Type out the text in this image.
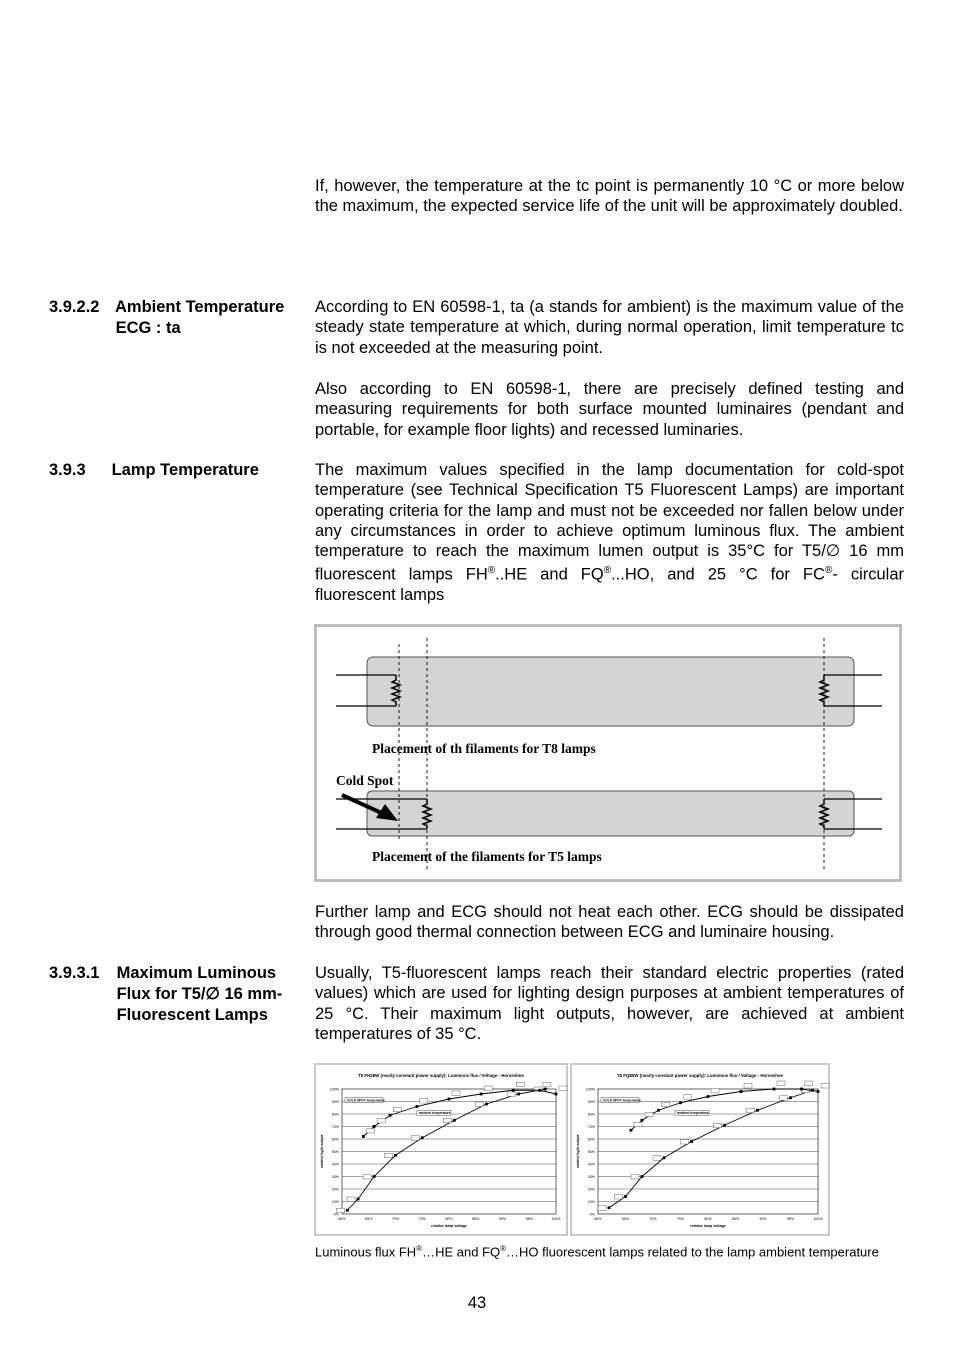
If, however, the temperature at the tc point is permanently 10 °C or more below the maximum, the expected service life of the unit will be approximately doubled.

3.9.2.2 Ambient Temperature
ECG : ta

According to EN 60598-1, ta (a stands for ambient) is the maximum value of the steady state temperature at which, during normal operation, limit temperature tc is not exceeded at the measuring point.

Also according to EN 60598-1, there are precisely defined testing and measuring requirements for both surface mounted luminaires (pendant and portable, for example floor lights) and recessed luminaries.

3.9.3 Lamp Temperature	The maximum values specified in the lamp documentation for cold-spot temperature (see Technical Specification T5 Fluorescent Lamps) are important operating criteria for the lamp and must not be exceeded nor fallen below under any circumstances in order to achieve optimum luminous flux. The ambient temperature to reach the maximum lumen output is 35°C for T5/∅ 16 mm fluorescent lamps FH®..HE and FQ®...HO, and 25 °C for FC®- circular fluorescent lamps

Placement of th filaments for T8 lamps
Cold Spot
Placement of the filaments for T5 lamps

Further lamp and ECG should not heat each other. ECG should be dissipated through good thermal connection between ECG and luminaire housing.

3.9.3.1 Maximum Luminous
Flux for T5/∅ 16 mm-
Fluorescent Lamps

Usually, T5-fluorescent lamps reach their standard electric properties (rated values) which are used for lighting design purposes at ambient temperatures of 25 °C. Their maximum light outputs, however, are achieved at ambient temperatures of 35 °C.

T5 FH28W (nearly constant power supply): Luminous flux / Voltage - Horseshoe
0%
10%
20%
30%
40%
50%
60%
70%
80%
90%
100%
60%	65%	70%	75%	80%	85%	90%	95%	100%
relative lamp voltage
relative light output
COLD SPOT temperature
ambient temperature
T5 FQ80W (nearly constant power supply): Luminous flux / Voltage - Horseshoe
0%
10%
20%
30%
40%
50%
60%
70%
80%
90%
100%
60%	65%	70%	75%	80%	85%	90%	95%	100%
relative lamp voltage
relative light output
COLD SPOT temperature
ambient temperature

Luminous flux FH®…HE and FQ®…HO fluorescent lamps related to the lamp ambient temperature

43
